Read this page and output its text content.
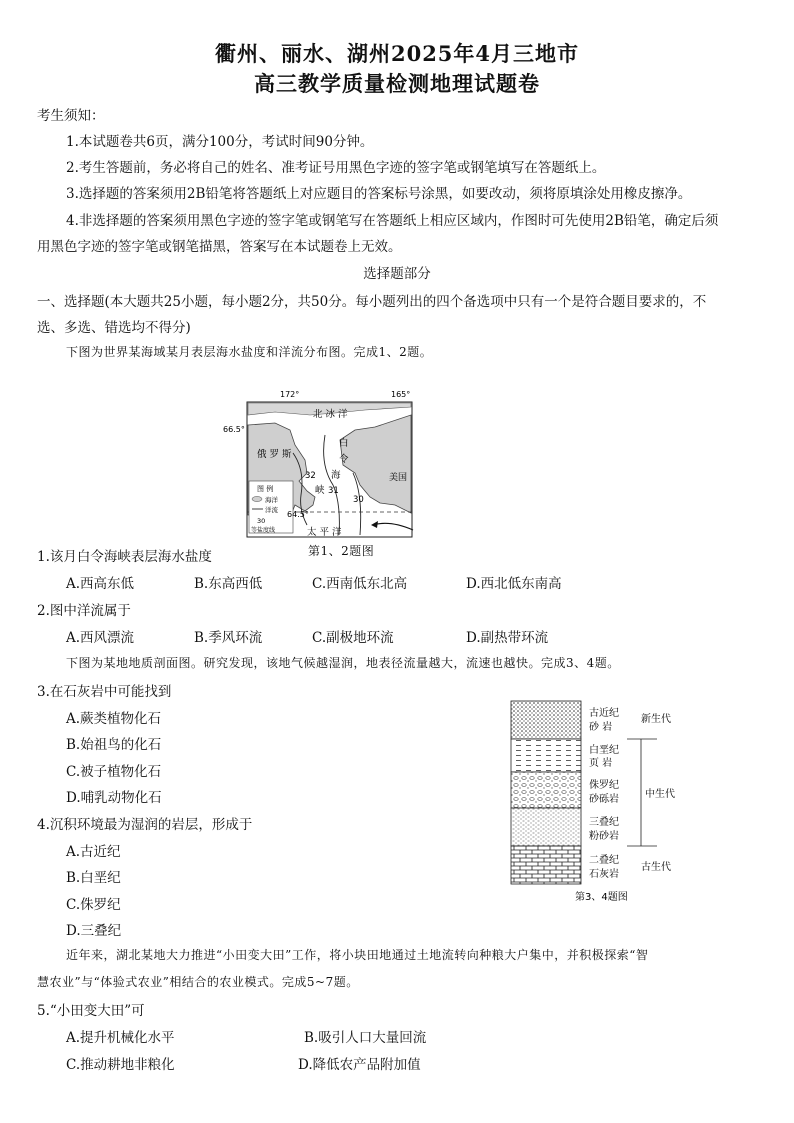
衢州、丽水、湖州2025年4月三地市
高三教学质量检测地理试题卷
考生须知：
1.本试题卷共6页，满分100分，考试时间90分钟。
2.考生答题前，务必将自己的姓名、准考证号用黑色字迹的签字笔或钢笔填写在答题纸上。
3.选择题的答案须用2B铅笔将答题纸上对应题目的答案标号涂黑，如要改动，须将原填涂处用橡皮擦净。
4.非选择题的答案须用黑色字迹的签字笔或钢笔写在答题纸上相应区域内，作图时可先使用2B铅笔，确定后须
用黑色字迹的签字笔或钢笔描黑，答案写在本试题卷上无效。
选择题部分
一、选择题(本大题共25小题，每小题2分，共50分。每小题列出的四个备选项中只有一个是符合题目要求的，不
选、多选、错选均不得分)
下图为世界某海域某月表层海水盐度和洋流分布图。完成1、2题。
图 例
海洋
洋流
30
等盐度线
172°	165°
66.5°
64.5°
北 冰 洋
俄 罗 斯
白
令
海
峡
美国
太 平 洋
32
31
30
第1、2题图
1.该月白令海峡表层海水盐度
A.西高东低	B.东高西低	C.西南低东北高	D.西北低东南高
2.图中洋流属于
A.西风漂流	B.季风环流	C.副极地环流	D.副热带环流
下图为某地地质剖面图。研究发现，该地气候越湿润，地表径流量越大，流速也越快。完成3、4题。
3.在石灰岩中可能找到
A.蕨类植物化石
B.始祖鸟的化石
C.被子植物化石
D.哺乳动物化石
4.沉积环境最为湿润的岩层，形成于
A.古近纪
B.白垩纪
C.侏罗纪
D.三叠纪
古近纪
砂 岩
白垩纪
页 岩
侏罗纪
砂砾岩
三叠纪
粉砂岩
二叠纪
石灰岩
新生代
中生代
古生代
第3、4题图
近年来，湖北某地大力推进“小田变大田”工作，将小块田地通过土地流转向种粮大户集中，并积极探索“智
慧农业”与“体验式农业”相结合的农业模式。完成5~7题。
5.“小田变大田”可
A.提升机械化水平	B.吸引人口大量回流
C.推动耕地非粮化	D.降低农产品附加值
